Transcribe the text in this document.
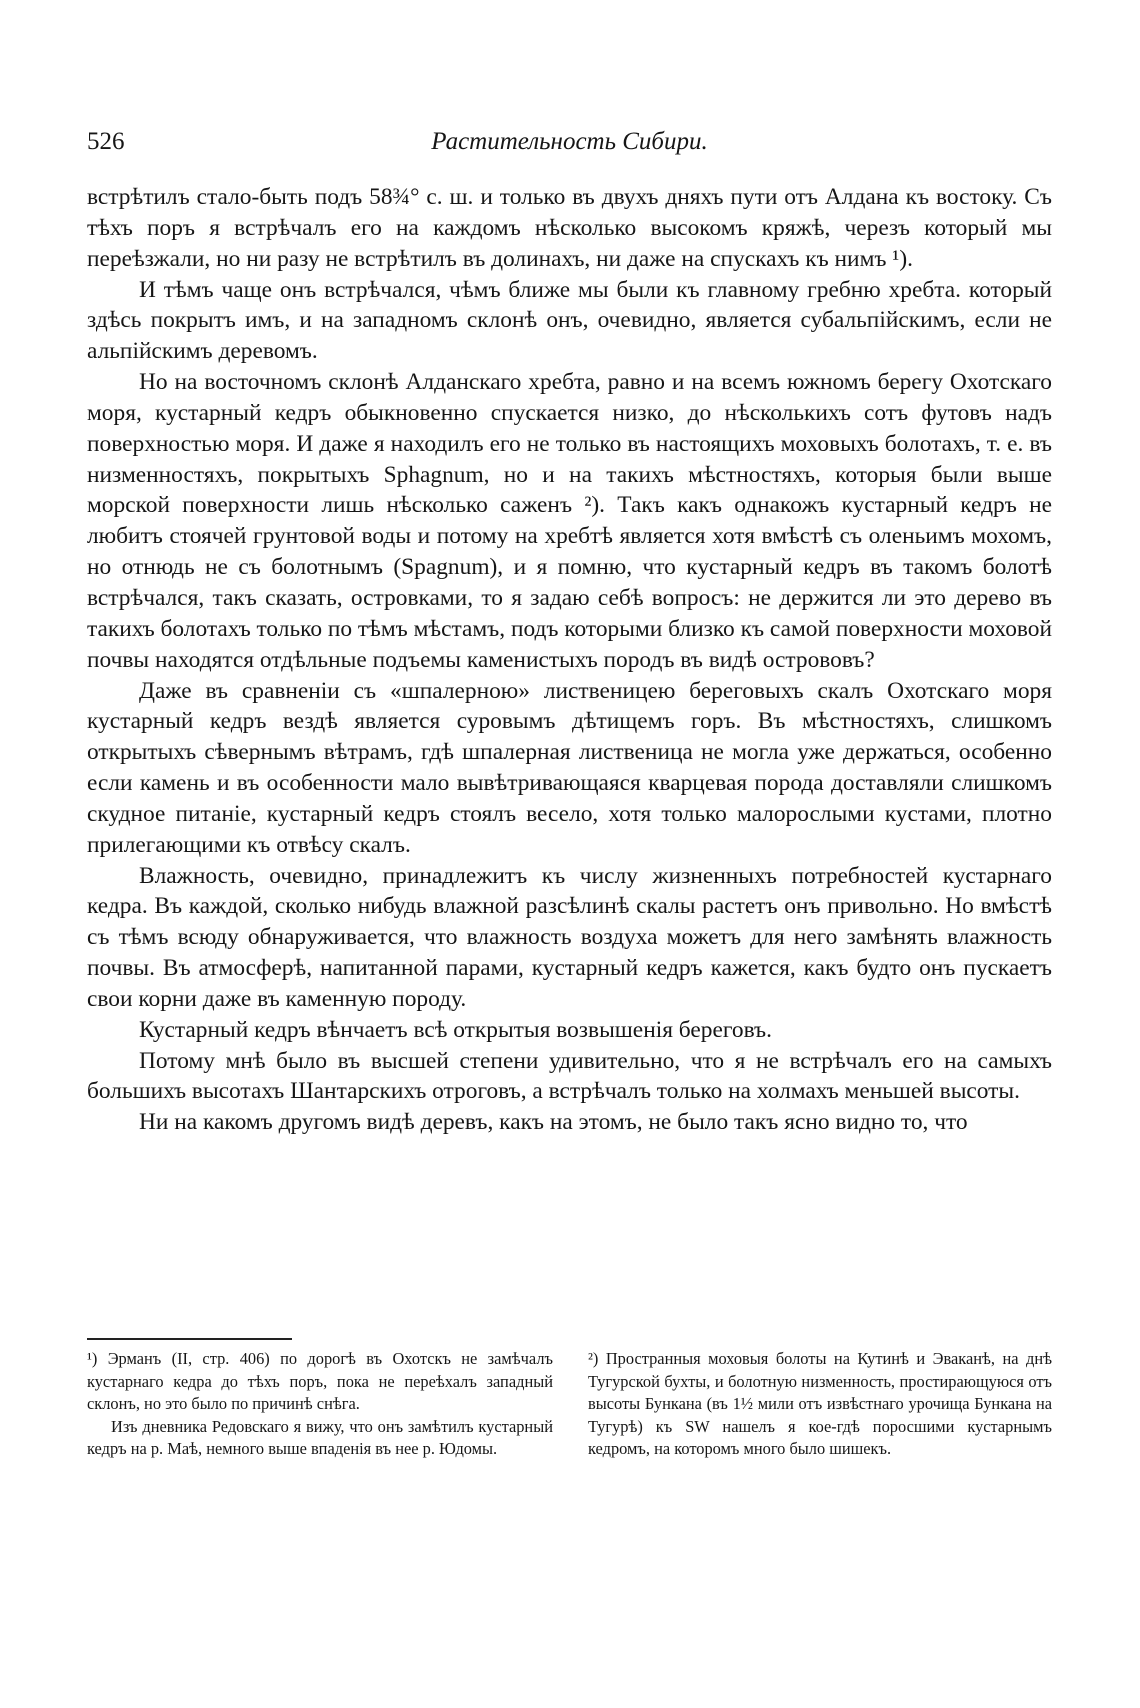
526	Растительность Сибири.

встрѣтилъ стало-быть подъ 58¾° с. ш. и только въ двухъ дняхъ пути отъ Алдана къ востоку. Съ тѣхъ поръ я встрѣчалъ его на каждомъ нѣсколько высокомъ кряжѣ, черезъ который мы переѣзжали, но ни разу не встрѣтилъ въ долинахъ, ни даже на спускахъ къ нимъ ¹).

И тѣмъ чаще онъ встрѣчался, чѣмъ ближе мы были къ главному гребню хребта. который здѣсь покрытъ имъ, и на западномъ склонѣ онъ, очевидно, является субальпійскимъ, если не альпійскимъ деревомъ.

Но на восточномъ склонѣ Алданскаго хребта, равно и на всемъ южномъ берегу Охотскаго моря, кустарный кедръ обыкновенно спускается низко, до нѣсколькихъ сотъ футовъ надъ поверхностью моря. И даже я находилъ его не только въ настоящихъ моховыхъ болотахъ, т. е. въ низменностяхъ, покрытыхъ Sphagnum, но и на такихъ мѣстностяхъ, которыя были выше морской поверхности лишь нѣсколько саженъ ²). Такъ какъ однакожъ кустарный кедръ не любитъ стоячей грунтовой воды и потому на хребтѣ является хотя вмѣстѣ съ оленьимъ мохомъ, но отнюдь не съ болотнымъ (Spagnum), и я помню, что кустарный кедръ въ такомъ болотѣ встрѣчался, такъ сказать, островками, то я задаю себѣ вопросъ: не держится ли это дерево въ такихъ болотахъ только по тѣмъ мѣстамъ, подъ которыми близко къ самой поверхности моховой почвы находятся отдѣльные подъемы каменистыхъ породъ въ видѣ острововъ?

Даже въ сравненіи съ «шпалерною» лиственицею береговыхъ скалъ Охотскаго моря кустарный кедръ вездѣ является суровымъ дѣтищемъ горъ. Въ мѣстностяхъ, слишкомъ открытыхъ сѣвернымъ вѣтрамъ, гдѣ шпалерная лиственица не могла уже держаться, особенно если камень и въ особенности мало вывѣтривающаяся кварцевая порода доставляли слишкомъ скудное питаніе, кустарный кедръ стоялъ весело, хотя только малорослыми кустами, плотно прилегающими къ отвѣсу скалъ.

Влажность, очевидно, принадлежитъ къ числу жизненныхъ потребностей кустарнаго кедра. Въ каждой, сколько нибудь влажной разсѣлинѣ скалы растетъ онъ привольно. Но вмѣстѣ съ тѣмъ всюду обнаруживается, что влажность воздуха можетъ для него замѣнять влажность почвы. Въ атмосферѣ, напитанной парами, кустарный кедръ кажется, какъ будто онъ пускаетъ свои корни даже въ каменную породу.

Кустарный кедръ вѣнчаетъ всѣ открытыя возвышенія береговъ.

Потому мнѣ было въ высшей степени удивительно, что я не встрѣчалъ его на самыхъ большихъ высотахъ Шантарскихъ отроговъ, а встрѣчалъ только на холмахъ меньшей высоты.

Ни на какомъ другомъ видѣ деревъ, какъ на этомъ, не было такъ ясно видно то, что

¹) Эрманъ (II, стр. 406) по дорогѣ въ Охотскъ не замѣчалъ кустарнаго кедра до тѣхъ поръ, пока не переѣхалъ западный склонъ, но это было по причинѣ снѣга.

Изъ дневника Редовскаго я вижу, что онъ замѣтилъ кустарный кедръ на р. Маѣ, немного выше впаденія въ нее р. Юдомы.

²) Пространныя моховыя болоты на Кутинѣ и Эваканѣ, на днѣ Тугурской бухты, и болотную низменность, простирающуюся отъ высоты Бункана (въ 1½ мили отъ извѣстнаго урочища Бункана на Тугурѣ) къ SW нашелъ я кое-гдѣ поросшими кустарнымъ кедромъ, на которомъ много было шишекъ.
